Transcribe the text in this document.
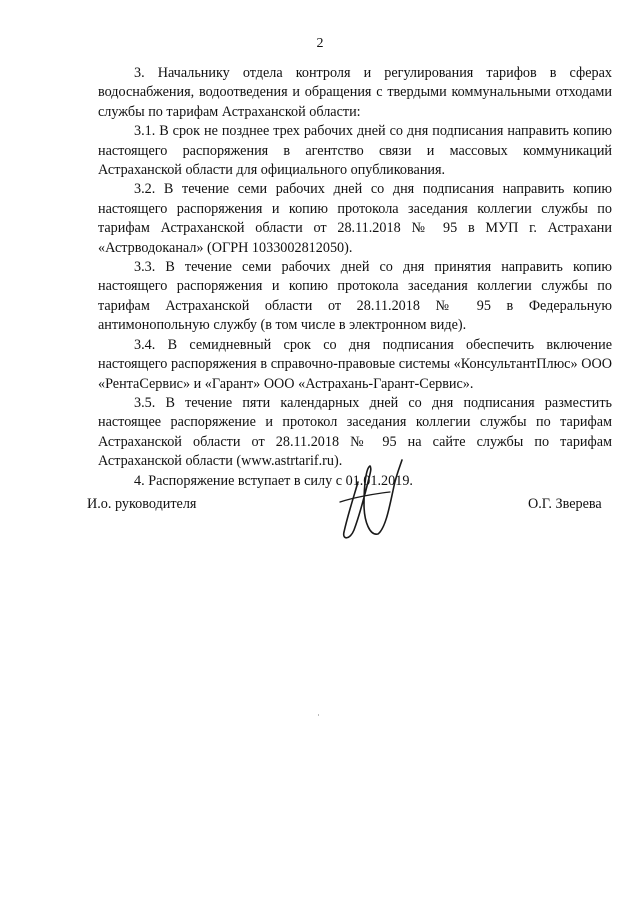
2

3. Начальнику отдела контроля и регулирования тарифов в сферах водоснабжения, водоотведения и обращения с твердыми коммунальными отходами службы по тарифам Астраханской области:

3.1. В срок не позднее трех рабочих дней со дня подписания направить копию настоящего распоряжения в агентство связи и массовых коммуникаций Астраханской области для официального опубликования.

3.2. В течение семи рабочих дней со дня подписания направить копию настоящего распоряжения и копию протокола заседания коллегии службы по тарифам Астраханской области от 28.11.2018 № 95 в МУП г. Астрахани «Астрводоканал» (ОГРН 1033002812050).

3.3. В течение семи рабочих дней со дня принятия направить копию настоящего распоряжения и копию протокола заседания коллегии службы по тарифам Астраханской области от 28.11.2018 № 95 в Федеральную антимонопольную службу (в том числе в электронном виде).

3.4. В семидневный срок со дня подписания обеспечить включение настоящего распоряжения в справочно-правовые системы «КонсультантПлюс» ООО «РентаСервис» и «Гарант» ООО «Астрахань-Гарант-Сервис».

3.5. В течение пяти календарных дней со дня подписания разместить настоящее распоряжение и протокол заседания коллегии службы по тарифам Астраханской области от 28.11.2018 № 95 на сайте службы по тарифам Астраханской области (www.astrtarif.ru).

4. Распоряжение вступает в силу с 01.01.2019.

И.о. руководителя	О.Г. Зверева
